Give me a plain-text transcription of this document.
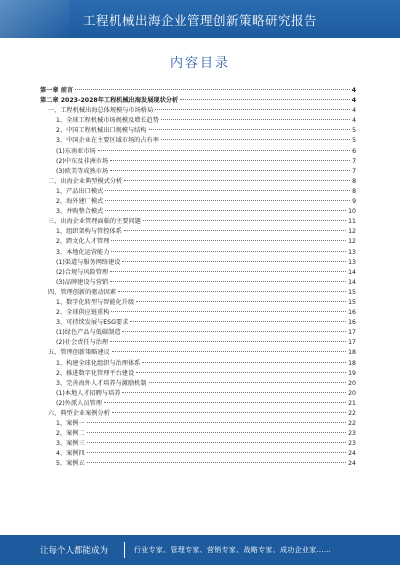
工程机械出海企业管理创新策略研究报告
内容目录
第一章 前言	4
第二章 2023-2028年工程机械出海发展现状分析	4
一、工程机械出海总体规模与市场格局	4
1、全球工程机械市场规模及增长趋势	4
2、中国工程机械出口规模与结构	5
3、中国企业在主要区域市场的占有率	5
(1)东南亚市场	6
(2)中东及非洲市场	7
(3)欧美等成熟市场	7
二、出海企业典型模式分析	8
1、产品出口模式	8
2、海外建厂模式	9
3、并购整合模式	10
三、出海企业管理面临的主要问题	11
1、组织架构与管控体系	12
2、跨文化人才管理	12
3、本地化运营能力	13
(1)渠道与服务网络建设	13
(2)合规与风险管理	14
(3)品牌建设与营销	14
四、管理创新的驱动因素	15
1、数字化转型与智能化升级	15
2、全球供应链重构	16
3、可持续发展与ESG要求	16
(1)绿色产品与低碳制造	17
(2)社会责任与治理	17
五、管理创新策略建议	18
1、构建全球化组织与治理体系	18
2、推进数字化管理平台建设	19
3、完善海外人才培养与激励机制	20
(1)本地人才招聘与培养	20
(2)外派人员管理	21
六、典型企业案例分析	22
1、案例一	22
2、案例二	23
3、案例三	23
4、案例四	24
5、案例五	24
让每个人都能成为	行业专家、管理专家、营销专家、战略专家、成功企业家……
